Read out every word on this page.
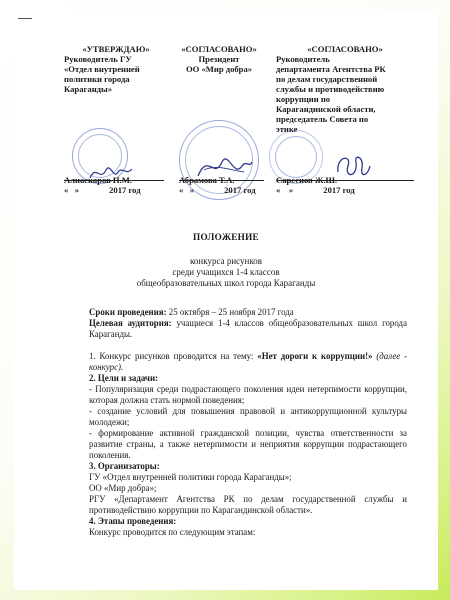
«УТВЕРЖДАЮ»
Руководитель ГУ
«Отдел внутренней
политики города
Караганды»
«СОГЛАСОВАНО»
Президент
ОО «Мир добра»
«СОГЛАСОВАНО»
Руководитель
департамента Агентства РК
по делам государственной
службы и противодействию
коррупции по
Карагандинской области,
председатель Совета по
этике
Алиаскаров Н.М.
«   »              2017 год
Абрамова Т.А.
«   »              2017 год
Сарсенов Ж.Ш.
«    »              2017 год
ПОЛОЖЕНИЕ
конкурса рисунков
среди учащихся 1-4 классов
общеобразовательных школ города Караганды

Сроки проведения: 25 октября – 25 ноября 2017 года

Целевая аудитория: учащиеся 1-4 классов общеобразовательных школ города Караганды.

1. Конкурс рисунков проводится на тему: «Нет дороги к коррупции!» (далее - конкурс).

2. Цели и задачи:

- Популяризация среди подрастающего поколения идеи нетерпимости коррупции, которая должна стать нормой поведения;

- создание условий для повышения правовой и антикоррупционной культуры молодежи;

- формирование активной гражданской позиции, чувства ответственности за развитие страны, а также нетерпимости и неприятия коррупции подрастающего поколения.

3. Организаторы:

ГУ «Отдел внутренней политики города Караганды»;

ОО «Мир добра»;

РГУ «Департамент Агентства РК по делам государственной службы и противодействию коррупции по Карагандинской области».

4. Этапы проведения:

Конкурс проводится по следующим этапам:
